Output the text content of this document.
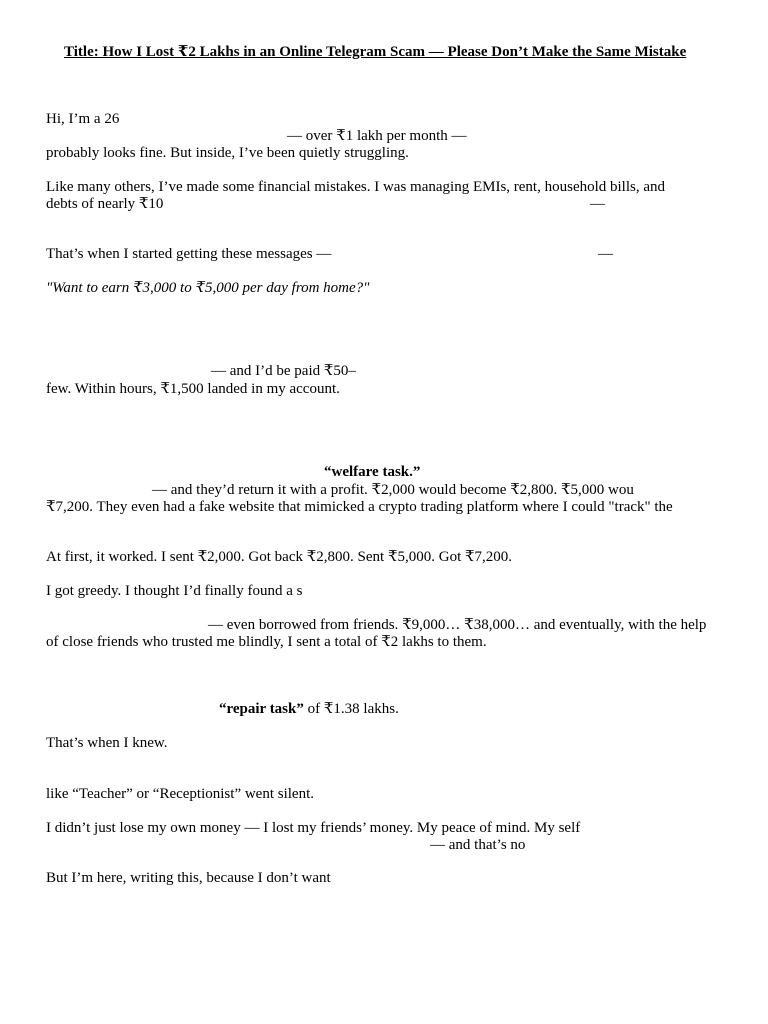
Title: How I Lost ₹2 Lakhs in an Online Telegram Scam — Please Don’t Make the Same Mistake
Hi, I’m a 26
— over ₹1 lakh per month —
probably looks fine. But inside, I’ve been quietly struggling.
Like many others, I’ve made some financial mistakes. I was managing EMIs, rent, household bills, and
debts of nearly ₹10	—
That’s when I started getting these messages —	—
"Want to earn ₹3,000 to ₹5,000 per day from home?"
— and I’d be paid ₹50–
few. Within hours, ₹1,500 landed in my account.
“welfare task.”
— and they’d return it with a profit. ₹2,000 would become ₹2,800. ₹5,000 wou
₹7,200. They even had a fake website that mimicked a crypto trading platform where I could "track" the
At first, it worked. I sent ₹2,000. Got back ₹2,800. Sent ₹5,000. Got ₹7,200.
I got greedy. I thought I’d finally found a s
— even borrowed from friends. ₹9,000… ₹38,000… and eventually, with the help
of close friends who trusted me blindly, I sent a total of ₹2 lakhs to them.
“repair task” of ₹1.38 lakhs.
That’s when I knew.
like “Teacher” or “Receptionist” went silent.
I didn’t just lose my own money — I lost my friends’ money. My peace of mind. My self
— and that’s no
But I’m here, writing this, because I don’t want
